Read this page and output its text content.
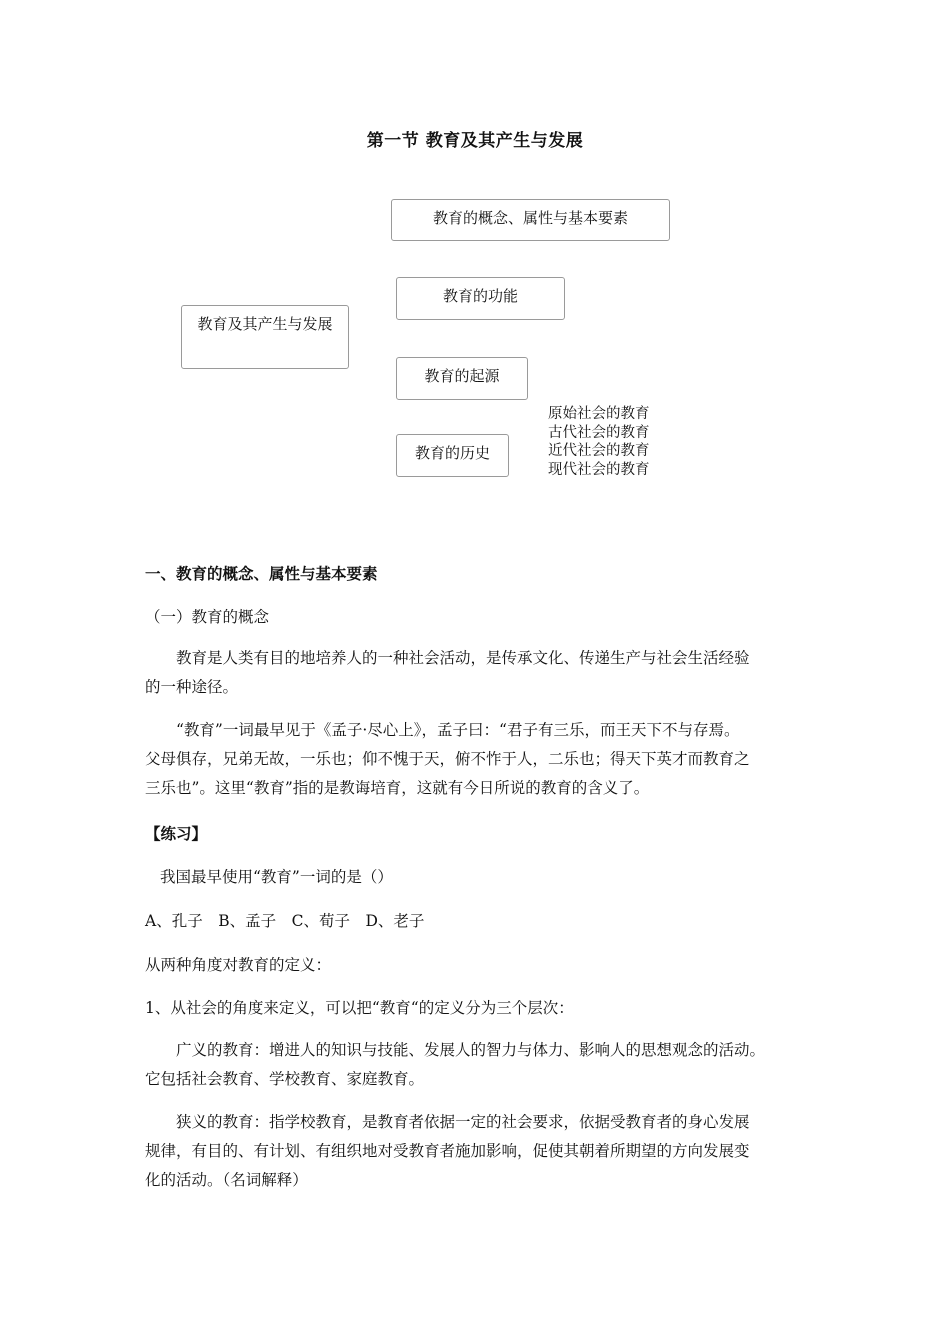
第一节 教育及其产生与发展
教育及其产生与发展
教育的概念、属性与基本要素
教育的功能
教育的起源
教育的历史
原始社会的教育
古代社会的教育
近代社会的教育
现代社会的教育
一、教育的概念、属性与基本要素
（一）教育的概念
　　教育是人类有目的地培养人的一种社会活动，是传承文化、传递生产与社会生活经验
的一种途径。
　　“教育”一词最早见于《孟子·尽心上》，孟子曰：“君子有三乐，而王天下不与存焉。
父母俱存，兄弟无故，一乐也；仰不愧于天，俯不怍于人，二乐也；得天下英才而教育之
三乐也”。这里“教育”指的是教诲培育，这就有今日所说的教育的含义了。
【练习】
我国最早使用“教育”一词的是（）
A、孔子　B、孟子　C、荀子　D、老子
从两种角度对教育的定义：
1、从社会的角度来定义，可以把“教育“的定义分为三个层次：
　　广义的教育：增进人的知识与技能、发展人的智力与体力、影响人的思想观念的活动。
它包括社会教育、学校教育、家庭教育。
　　狭义的教育：指学校教育，是教育者依据一定的社会要求，依据受教育者的身心发展
规律，有目的、有计划、有组织地对受教育者施加影响，促使其朝着所期望的方向发展变
化的活动。（名词解释）
